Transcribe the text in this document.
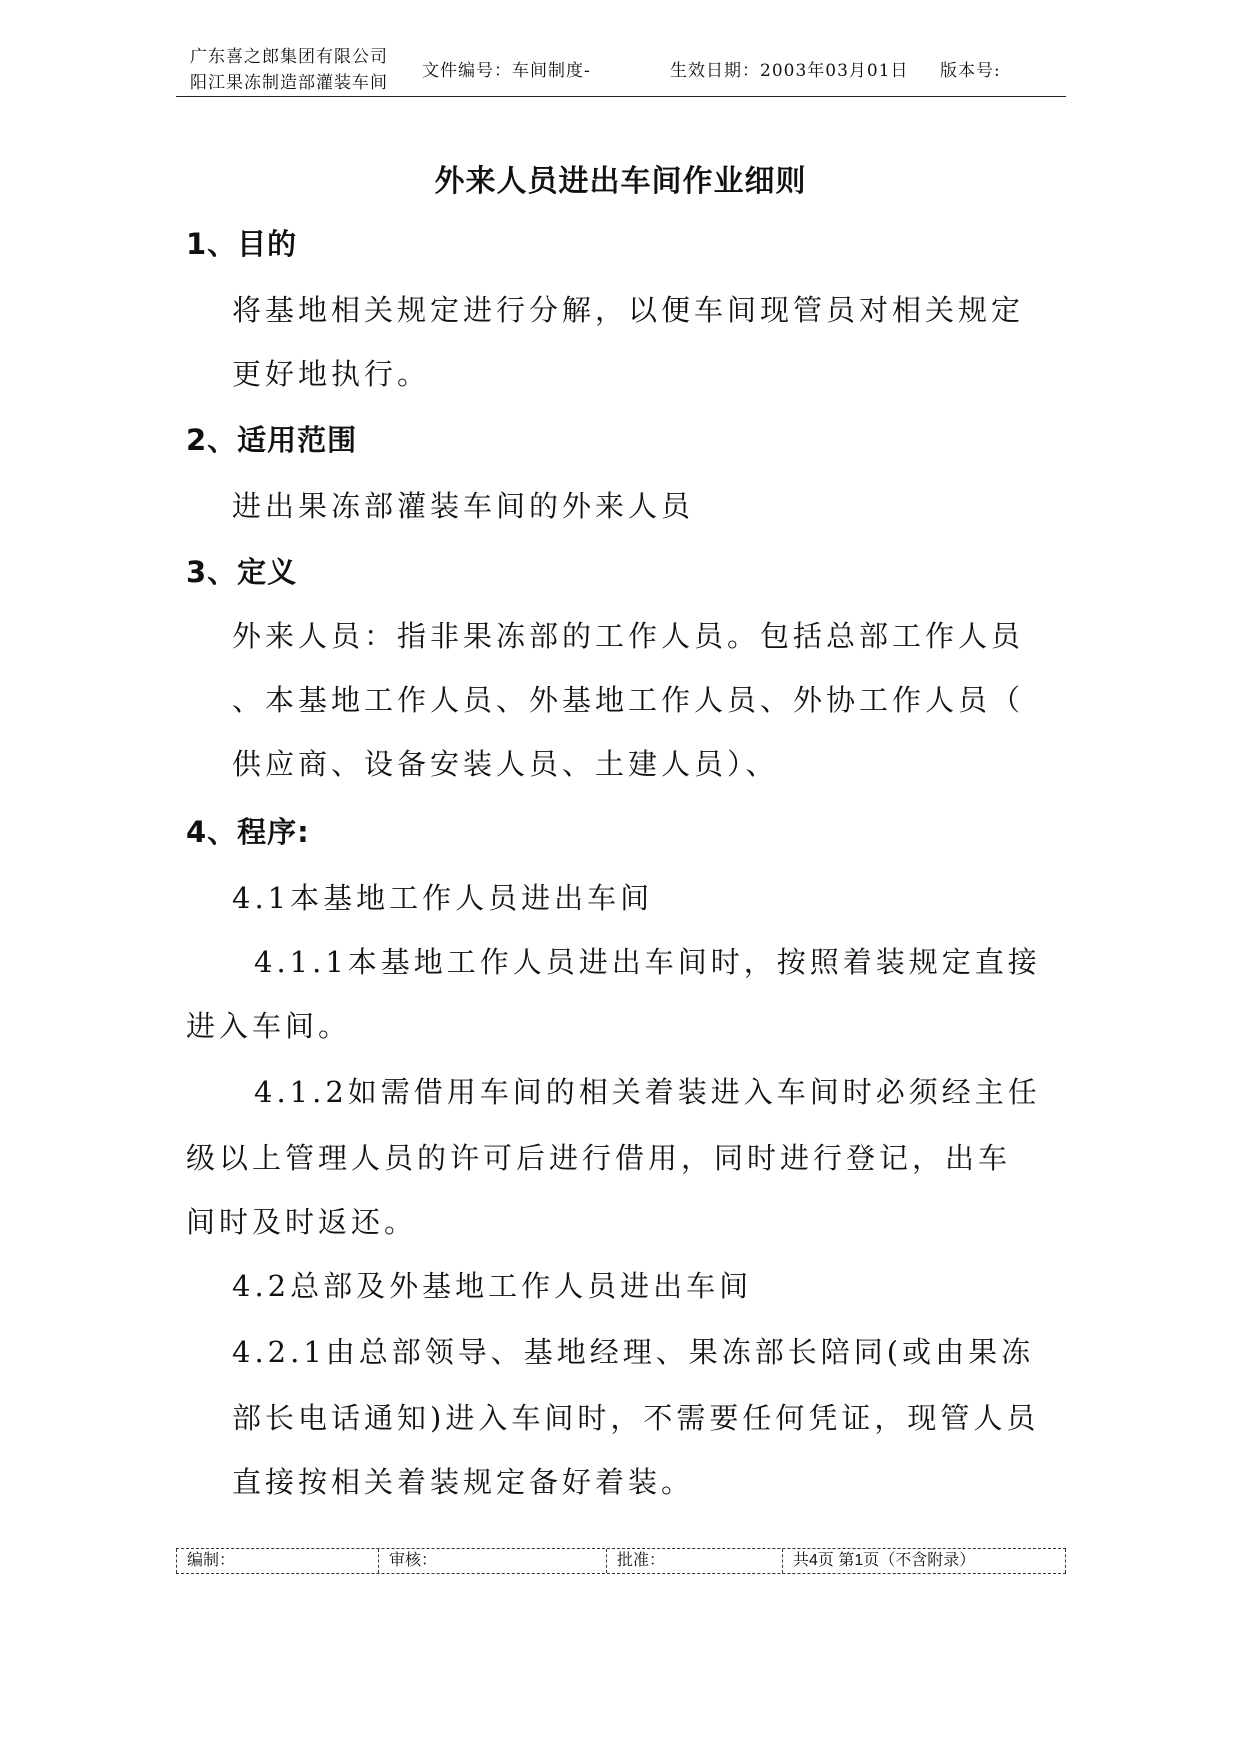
广东喜之郎集团有限公司
阳江果冻制造部灌装车间
文件编号：车间制度-	生效日期：2003年03月01日 版本号:
外来人员进出车间作业细则
1、目的
将基地相关规定进行分解，以便车间现管员对相关规定
更好地执行。
2、适用范围
进出果冻部灌装车间的外来人员
3、定义
外来人员：指非果冻部的工作人员。包括总部工作人员
、本基地工作人员、外基地工作人员、外协工作人员（
供应商、设备安装人员、土建人员）、
4、程序:
4.1本基地工作人员进出车间
4.1.1本基地工作人员进出车间时，按照着装规定直接
进入车间。
4.1.2如需借用车间的相关着装进入车间时必须经主任
级以上管理人员的许可后进行借用，同时进行登记，出车
间时及时返还。
4.2总部及外基地工作人员进出车间
4.2.1由总部领导、基地经理、果冻部长陪同(或由果冻
部长电话通知)进入车间时，不需要任何凭证，现管人员
直接按相关着装规定备好着装。
编制：	审核：	批准：	共4页 第1页（不含附录）
